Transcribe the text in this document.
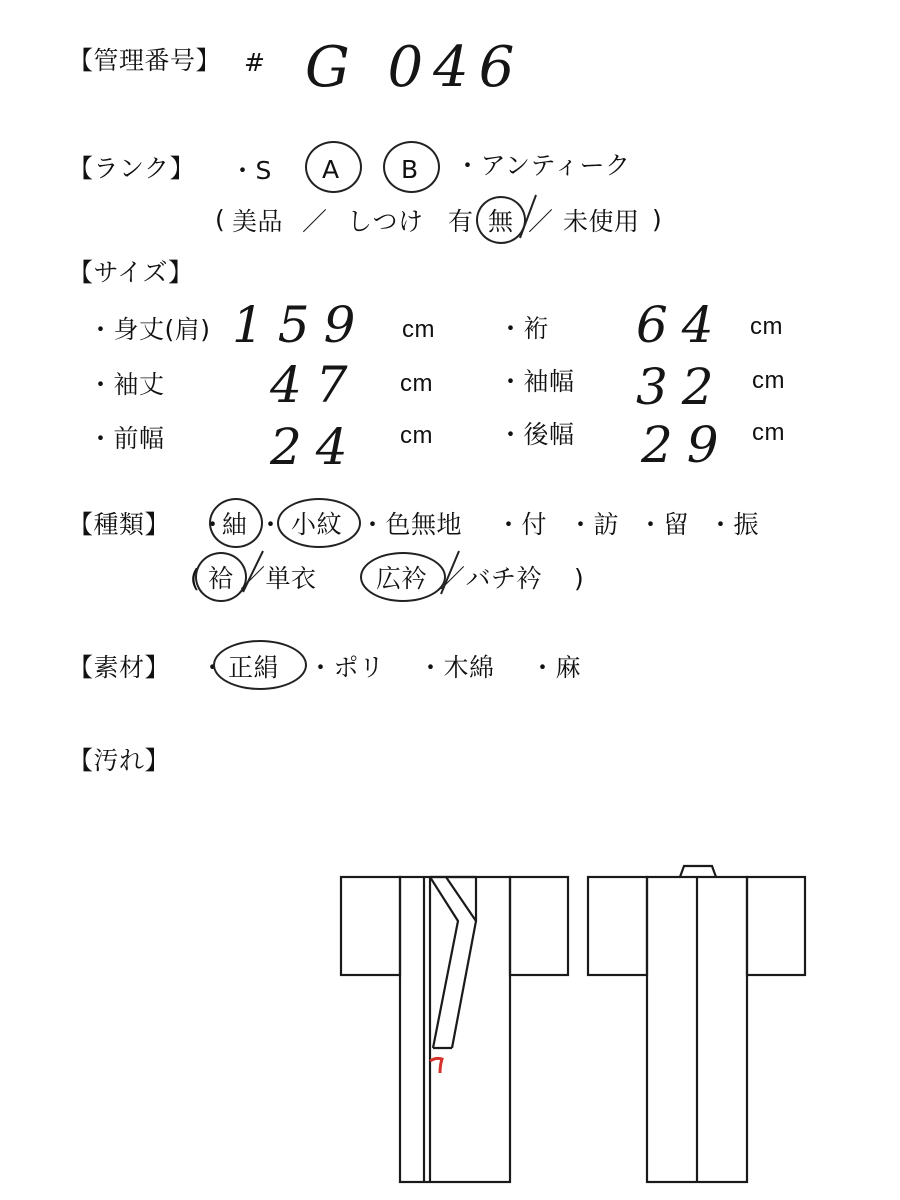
【管理番号】 # G 046
【ランク】 ・S A B ・アンティーク
( 美品 ／ しつけ 有 無 ／ 未使用 )
【サイズ】
・身丈(肩) 159 cm	・裄 64 cm
・袖丈 47 cm	・袖幅 32 cm
・前幅 24 cm	・後幅 29 cm
【種類】 ・
紬 ・ 小紋 ・色無地 ・付 ・訪 ・留 ・振
( 袷 ／単衣 広衿 ／バチ衿 )
【素材】 ・ 正絹 ・ポリ ・木綿 ・麻
【汚れ】
